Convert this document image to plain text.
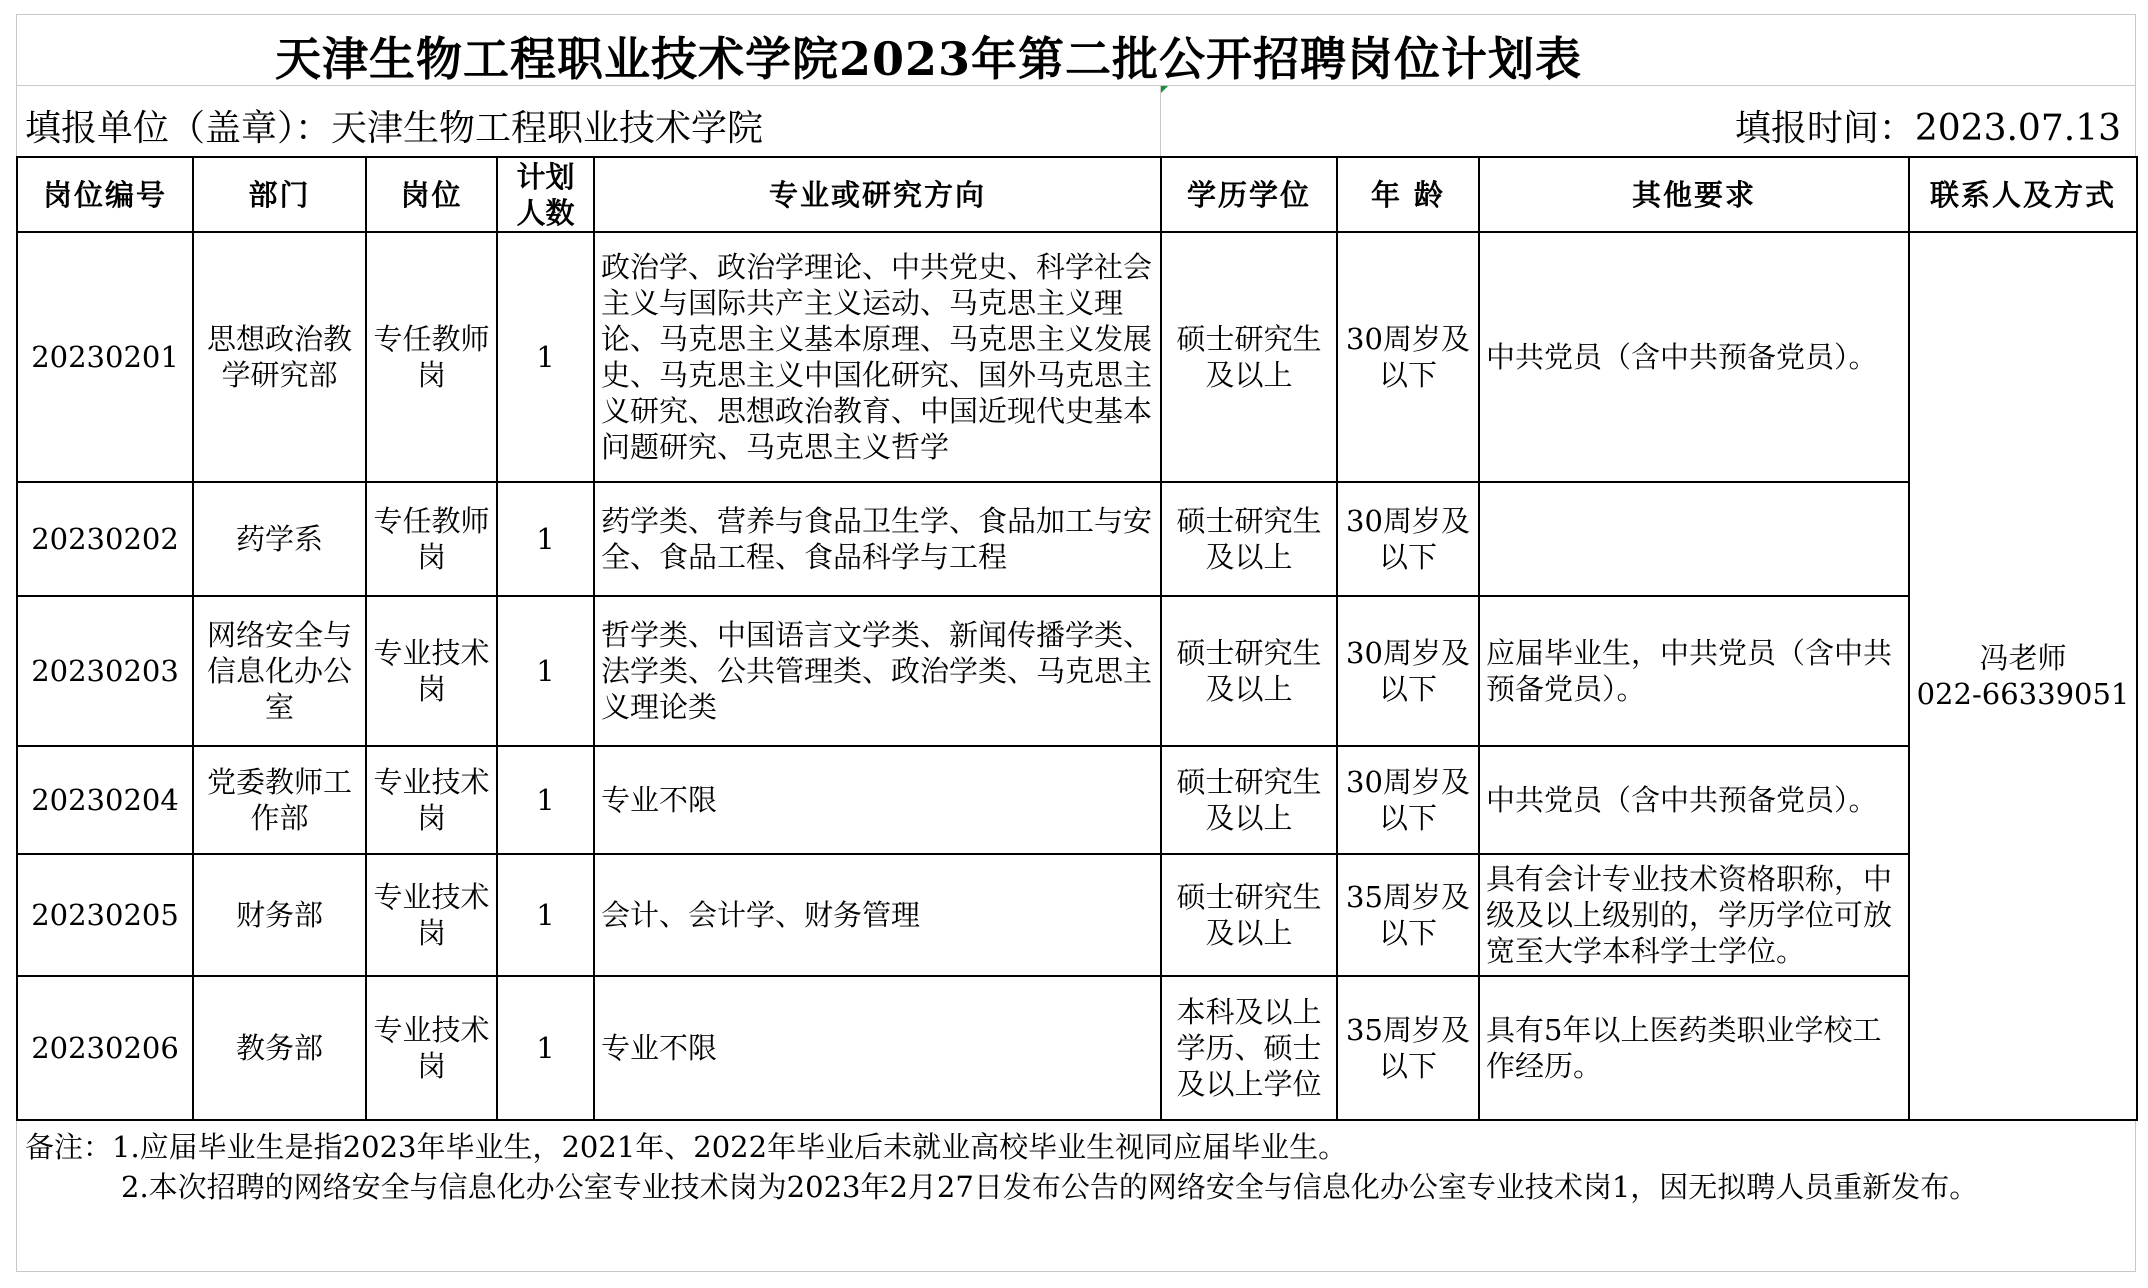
天津生物工程职业技术学院2023年第二批公开招聘岗位计划表
填报单位（盖章）：天津生物工程职业技术学院	填报时间：2023.07.13
岗位编号	部门	岗位	计划人数	专业或研究方向	学历学位	年 龄	其他要求	联系人及方式
20230201	思想政治教学研究部	专任教师岗	1	政治学、政治学理论、中共党史、科学社会主义与国际共产主义运动、马克思主义理论、马克思主义基本原理、马克思主义发展史、马克思主义中国化研究、国外马克思主义研究、思想政治教育、中国近现代史基本问题研究、马克思主义哲学	硕士研究生及以上	30周岁及以下	中共党员（含中共预备党员）。	冯老师
022-66339051

20230202	药学系	专任教师岗	1	药学类、营养与食品卫生学、食品加工与安全、食品工程、食品科学与工程	硕士研究生及以上	30周岁及以下		
20230203	网络安全与信息化办公室	专业技术岗	1	哲学类、中国语言文学类、新闻传播学类、法学类、公共管理类、政治学类、马克思主义理论类	硕士研究生及以上	30周岁及以下	应届毕业生，中共党员（含中共预备党员）。	
20230204	党委教师工作部	专业技术岗	1	专业不限	硕士研究生及以上	30周岁及以下	中共党员（含中共预备党员）。	
20230205	财务部	专业技术岗	1	会计、会计学、财务管理	硕士研究生及以上	35周岁及以下	具有会计专业技术资格职称，中级及以上级别的，学历学位可放宽至大学本科学士学位。	
20230206	教务部	专业技术岗	1	专业不限	本科及以上学历、硕士及以上学位	35周岁及以下	具有5年以上医药类职业学校工作经历。	
备注：1.应届毕业生是指2023年毕业生，2021年、2022年毕业后未就业高校毕业生视同应届毕业生。
2.本次招聘的网络安全与信息化办公室专业技术岗为2023年2月27日发布公告的网络安全与信息化办公室专业技术岗1，因无拟聘人员重新发布。
